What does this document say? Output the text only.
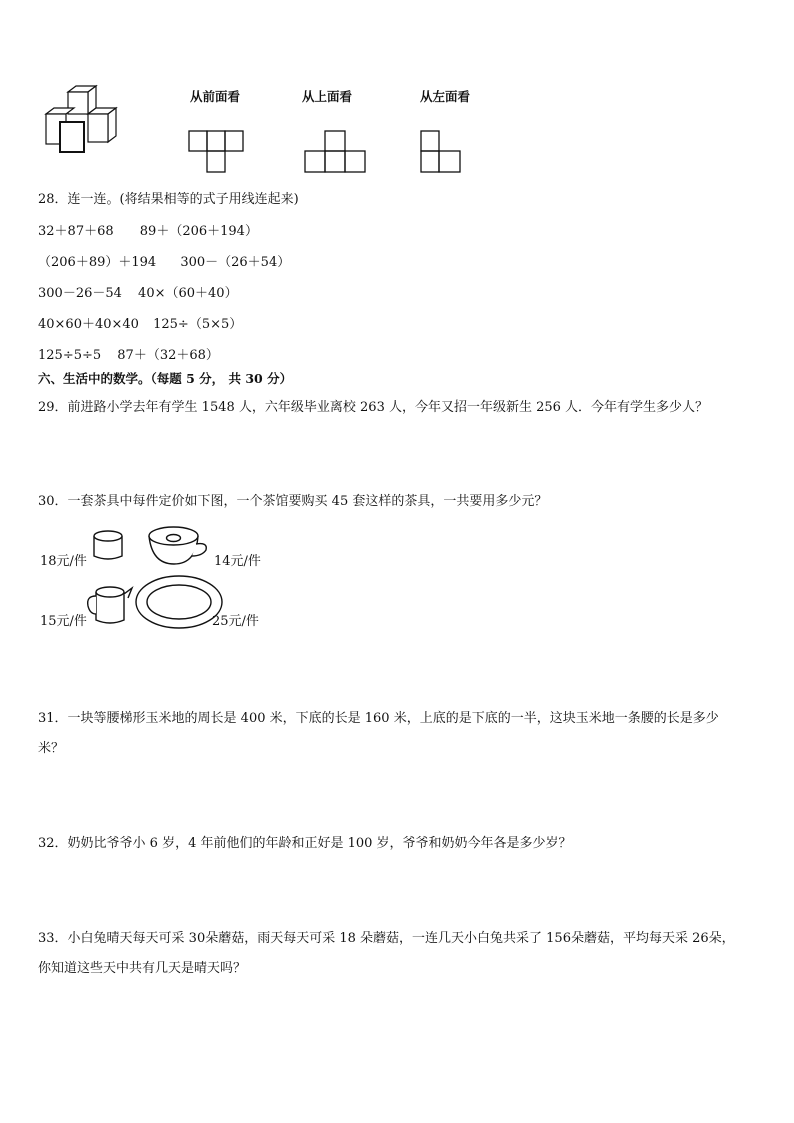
从前面看	从上面看	从左面看
28．连一连。(将结果相等的式子用线连起来)
32＋87＋68 89＋（206＋194）
（206＋89）＋194 300－（26＋54）
300－26－54 40×（60＋40）
40×60＋40×40 125÷（5×5）
125÷5÷5 87＋（32＋68）
六、生活中的数学。（每题 5 分， 共 30 分）
29．前进路小学去年有学生 1548 人，六年级毕业离校 263 人，今年又招一年级新生 256 人．今年有学生多少人？
30．一套茶具中每件定价如下图，一个茶馆要购买 45 套这样的茶具，一共要用多少元？
18元/件	14元/件
15元/件	25元/件
31．一块等腰梯形玉米地的周长是 400 米，下底的长是 160 米，上底的是下底的一半，这块玉米地一条腰的长是多少
米？
32．奶奶比爷爷小 6 岁，4 年前他们的年龄和正好是 100 岁，爷爷和奶奶今年各是多少岁？
33．小白兔晴天每天可采 30朵蘑菇，雨天每天可采 18 朵蘑菇，一连几天小白兔共采了 156朵蘑菇，平均每天采 26朵，
你知道这些天中共有几天是晴天吗？
